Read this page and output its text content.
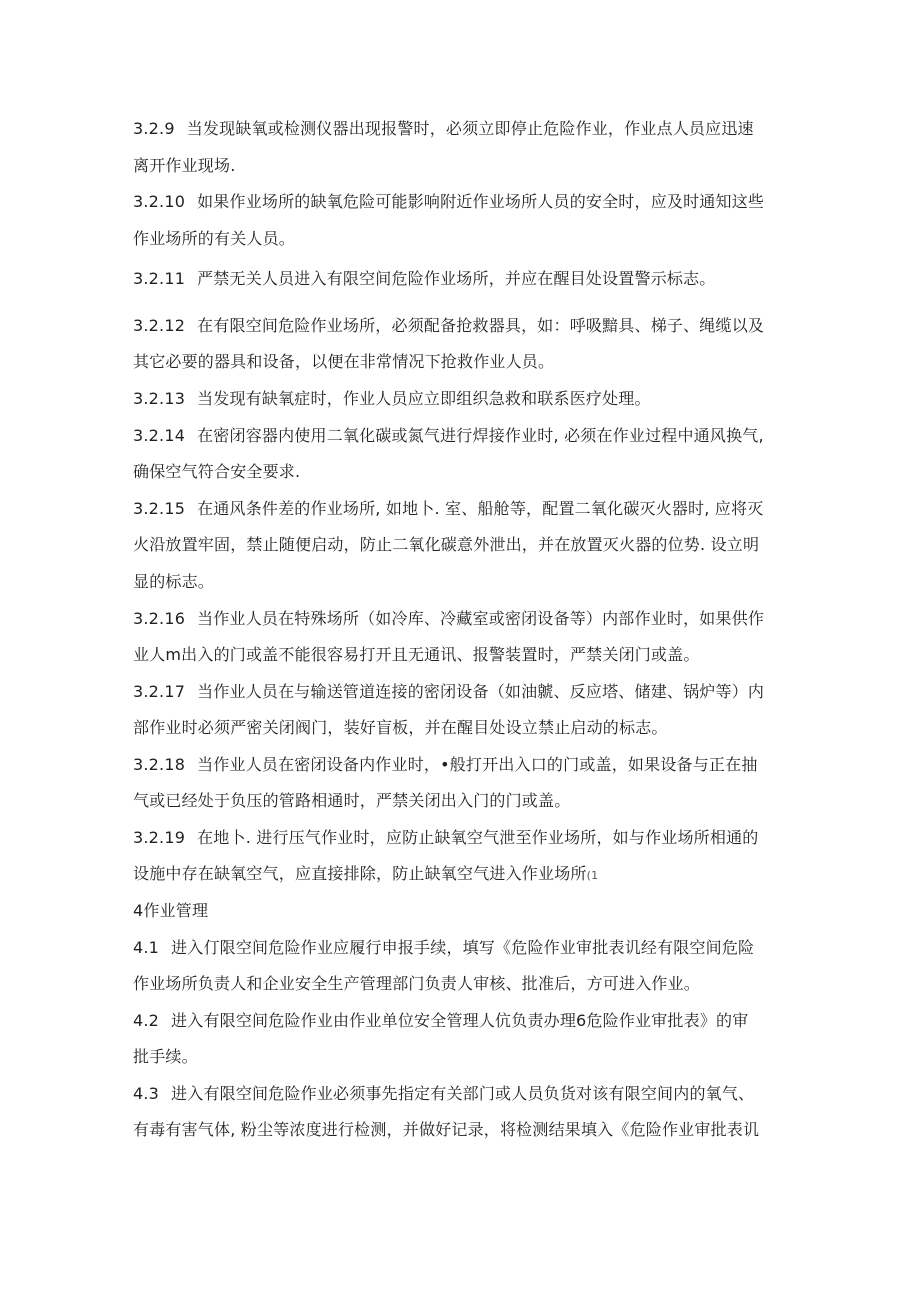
3.2.9 当发现缺氧或检测仪器出现报警时，必须立即停止危险作业，作业点人员应迅速
离开作业现场.
3.2.10 如果作业场所的缺氧危险可能影响附近作业场所人员的安全时，应及时通知这些
作业场所的有关人员。
3.2.11 严禁无关人员进入有限空间危险作业场所，并应在醒目处设置警示标志。
3.2.12 在有限空间危险作业场所，必须配备抢救器具，如：呼吸黯具、梯子、绳缆以及
其它必要的器具和设备，以便在非常情况下抢救作业人员。
3.2.13 当发现有缺氧症时，作业人员应立即组织急救和联系医疗处理。
3.2.14 在密闭容器内使用二氧化碳或氮气进行焊接作业时, 必须在作业过程中通风换气,
确保空气符合安全要求.
3.2.15 在通风条件差的作业场所, 如地卜. 室、船舱等，配置二氧化碳灭火器时, 应将灭
火沿放置牢固，禁止随便启动，防止二氧化碳意外泄出，并在放置灭火器的位势. 设立明
显的标志。
3.2.16 当作业人员在特殊场所（如冷库、冷藏室或密闭设备等）内部作业时，如果供作
业人m出入的门或盖不能很容易打开且无通讯、报警装置时，严禁关闭门或盖。
3.2.17 当作业人员在与输送管道连接的密闭设备（如油虩、反应塔、储建、锅炉等）内
部作业时必须严密关闭阀门，装好盲板，并在醒目处设立禁止启动的标志。
3.2.18 当作业人员在密闭设备内作业时，•般打开出入口的门或盖，如果设备与正在抽
气或已经处于负压的管路相通时，严禁关闭出入门的门或盖。
3.2.19 在地卜. 进行压气作业时，应防止缺氧空气泄至作业场所，如与作业场所相通的
设施中存在缺氧空气，应直接排除，防止缺氧空气进入作业场所(1
4作业管理
4.1 进入仃限空间危险作业应履行申报手续，填写《危险作业审批表讥经有限空间危险
作业场所负责人和企业安全生产管理部门负责人审核、批准后，方可进入作业。
4.2 进入有限空间危险作业由作业单位安全管理人伉负责办理6危险作业审批表》的审
批手续。
4.3 进入有限空间危险作业必须事先指定有关部门或人员负货对该有限空间内的氧气、
有毒有害气体, 粉尘等浓度进行检测，并做好记录，将检测结果填入《危险作业审批表讥
